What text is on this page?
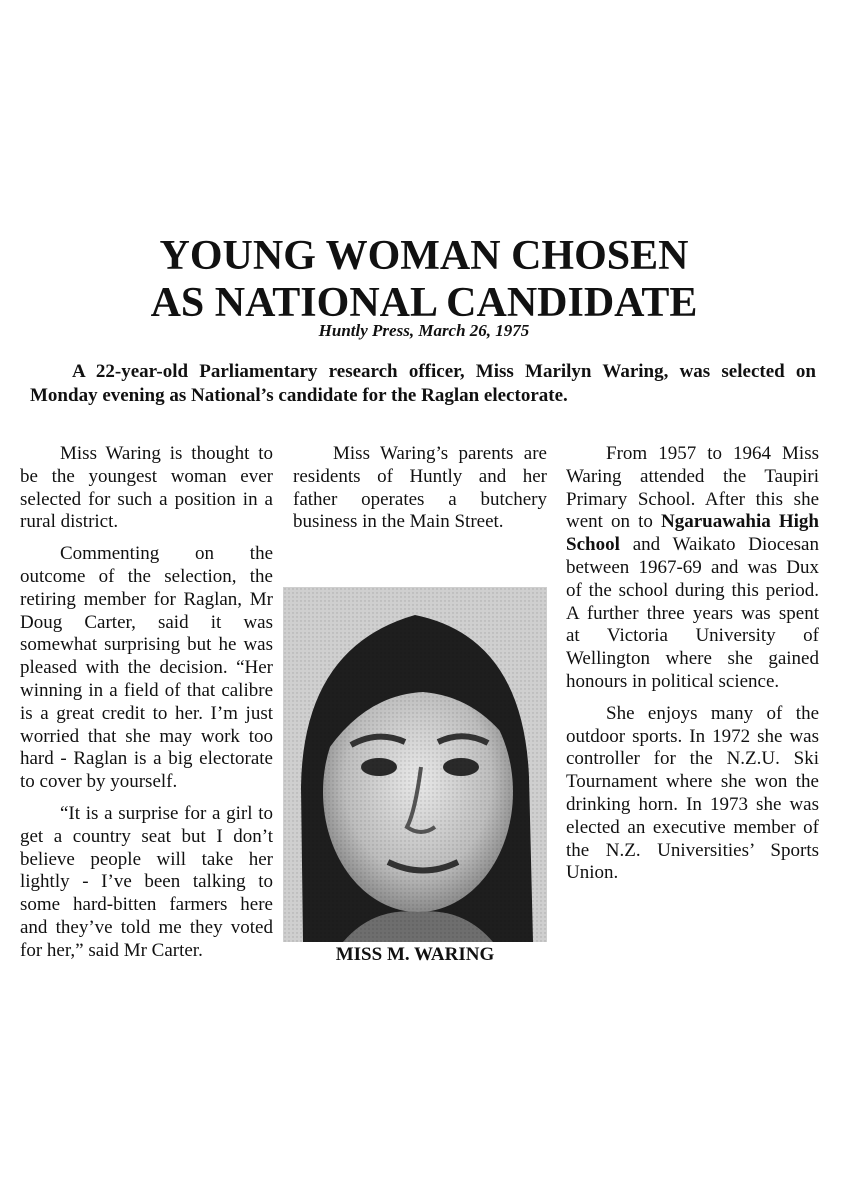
YOUNG WOMAN CHOSEN
AS NATIONAL CANDIDATE
Huntly Press, March 26, 1975
A 22-year-old Parliamentary research officer, Miss Marilyn Waring, was selected on Monday evening as National’s candidate for the Raglan electorate.

Miss Waring is thought to be the youngest woman ever selected for such a position in a rural district.

Commenting on the outcome of the selection, the retiring member for Raglan, Mr Doug Carter, said it was somewhat surprising but he was pleased with the decision. “Her winning in a field of that calibre is a great credit to her. I’m just worried that she may work too hard - Raglan is a big electorate to cover by yourself.

“It is a surprise for a girl to get a country seat but I don’t believe people will take her lightly - I’ve been talking to some hard-bitten farmers here and they’ve told me they voted for her,” said Mr Carter.

Miss Waring’s parents are residents of Huntly and her father operates a butchery business in the Main Street.

MISS M. WARING

From 1957 to 1964 Miss Waring attended the Taupiri Primary School. After this she went on to Ngaruawahia High School and Waikato Diocesan between 1967-69 and was Dux of the school during this period. A further three years was spent at Victoria University of Wellington where she gained honours in political science.

She enjoys many of the outdoor sports. In 1972 she was controller for the N.Z.U. Ski Tournament where she won the drinking horn. In 1973 she was elected an executive member of the N.Z. Universities’ Sports Union.
